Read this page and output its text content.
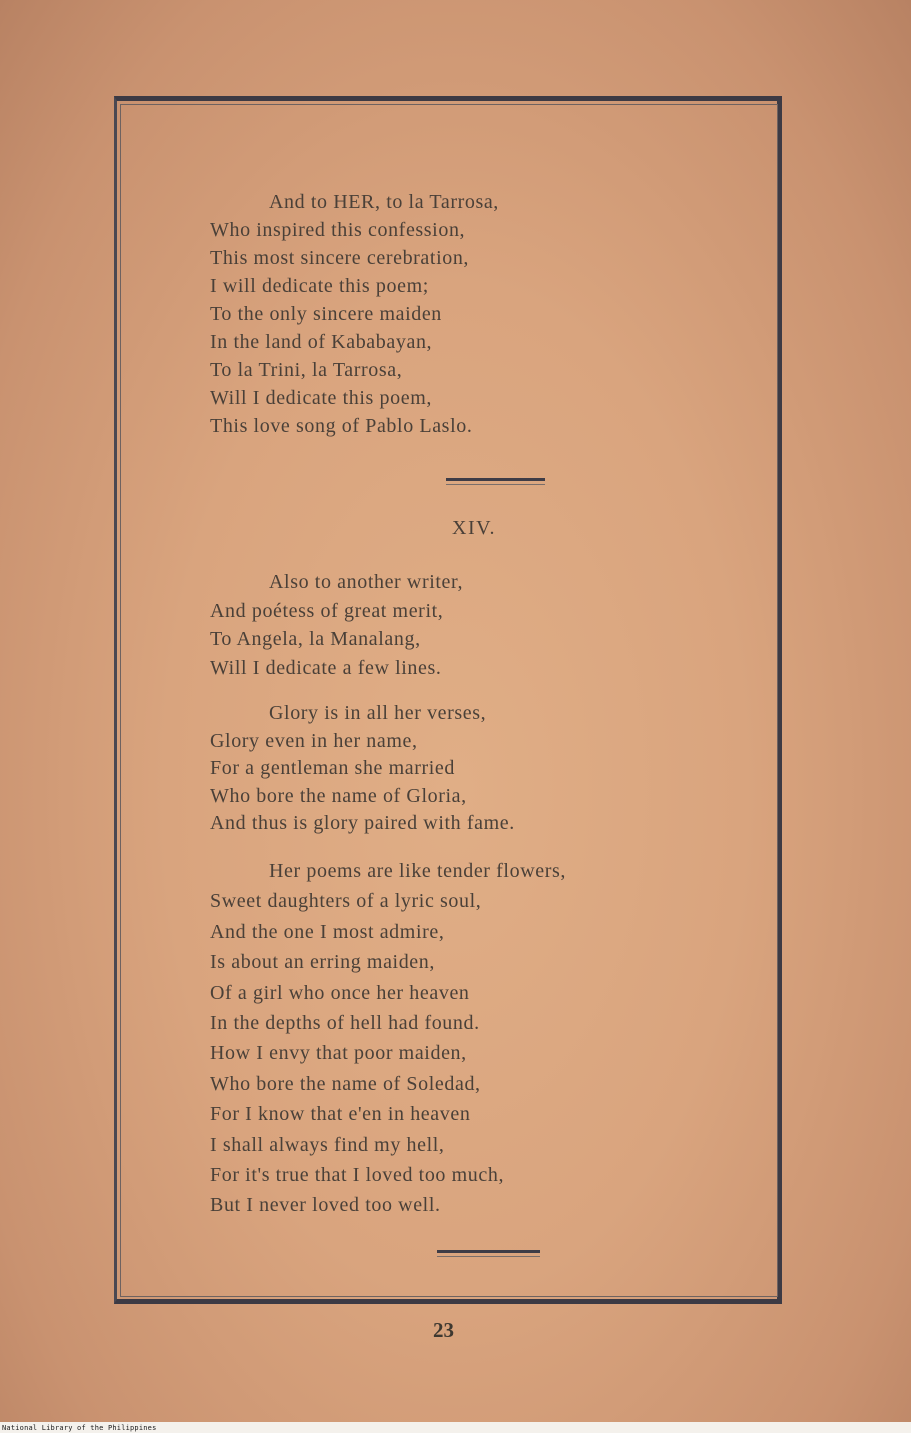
And to HER, to la Tarrosa,
Who inspired this confession,
This most sincere cerebration,
I will dedicate this poem;
To the only sincere maiden
In the land of Kababayan,
To la Trini, la Tarrosa,
Will I dedicate this poem,
This love song of Pablo Laslo.
XIV.
Also to another writer,
And poétess of great merit,
To Angela, la Manalang,
Will I dedicate a few lines.
Glory is in all her verses,
Glory even in her name,
For a gentleman she married
Who bore the name of Gloria,
And thus is glory paired with fame.
Her poems are like tender flowers,
Sweet daughters of a lyric soul,
And the one I most admire,
Is about an erring maiden,
Of a girl who once her heaven
In the depths of hell had found.
How I envy that poor maiden,
Who bore the name of Soledad,
For I know that e'en in heaven
I shall always find my hell,
For it's true that I loved too much,
But I never loved too well.
23
National Library of the Philippines
